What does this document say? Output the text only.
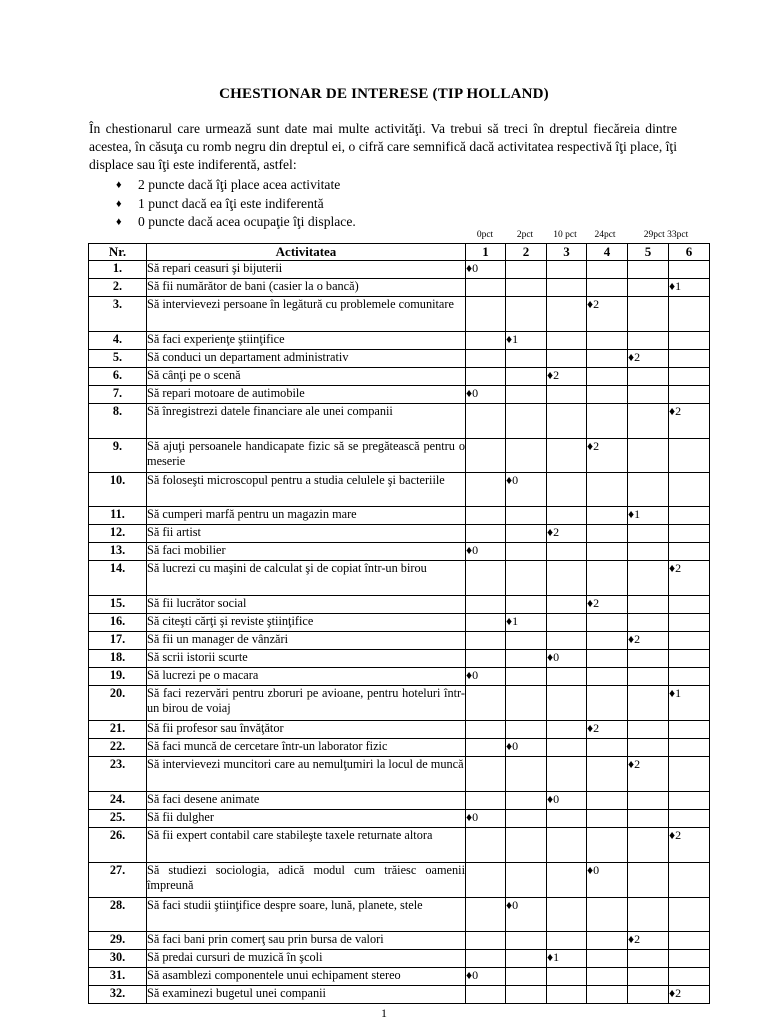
CHESTIONAR DE INTERESE (TIP HOLLAND)
În chestionarul care urmează sunt date mai multe activităţi. Va trebui să treci în dreptul fiecăreia dintre acestea, în căsuţa cu romb negru din dreptul ei, o cifră care semnifică dacă activitatea respectivă îţi place, îţi displace sau îţi este indiferentă, astfel:
♦	2 puncte dacă îţi place acea activitate
♦	1 punct dacă ea îţi este indiferentă
♦	0 puncte dacă acea ocupaţie îţi displace.
0pct	2pct	10 pct	24pct	29pct 33pct
Nr.	Activitatea	1	2	3	4	5	6
1.	Să repari ceasuri şi bijuterii	♦0					
2.	Să fii numărător de bani (casier la o bancă)						♦1
3.	Să intervievezi persoane în legătură cu problemele comunitare				♦2		
4.	Să faci experienţe ştiinţifice		♦1				
5.	Să conduci un departament administrativ					♦2	
6.	Să cânţi pe o scenă			♦2			
7.	Să repari motoare de autimobile	♦0					
8.	Să înregistrezi datele financiare ale unei companii						♦2
9.	Să ajuţi persoanele handicapate fizic să se pregătească pentru o meserie				♦2		
10.	Să foloseşti microscopul pentru a studia celulele şi bacteriile		♦0				
11.	Să cumperi marfă pentru un magazin mare					♦1	
12.	Să fii artist			♦2			
13.	Să faci mobilier	♦0					
14.	Să lucrezi cu maşini de calculat şi de copiat într-un birou						♦2
15.	Să fii lucrător social				♦2		
16.	Să citeşti cărţi şi reviste ştiinţifice		♦1				
17.	Să fii un manager de vânzări					♦2	
18.	Să scrii istorii scurte			♦0			
19.	Să lucrezi pe o macara	♦0					
20.	Să faci rezervări pentru zboruri pe avioane, pentru hoteluri într-un birou de voiaj						♦1
21.	Să fii profesor sau învăţător				♦2		
22.	Să faci muncă de cercetare într-un laborator fizic		♦0				
23.	Să intervievezi muncitori care au nemulţumiri la locul de muncă					♦2	
24.	Să faci desene animate			♦0			
25.	Să fii dulgher	♦0					
26.	Să fii expert contabil care stabileşte taxele returnate altora						♦2
27.	Să studiezi sociologia, adică modul cum trăiesc oamenii împreună				♦0		
28.	Să faci studii ştiinţifice despre soare, lună, planete, stele		♦0				
29.	Să faci bani prin comerţ sau prin bursa de valori					♦2	
30.	Să predai cursuri de muzică în şcoli			♦1			
31.	Să asamblezi componentele unui echipament stereo	♦0					
32.	Să examinezi bugetul unei companii						♦2
1
